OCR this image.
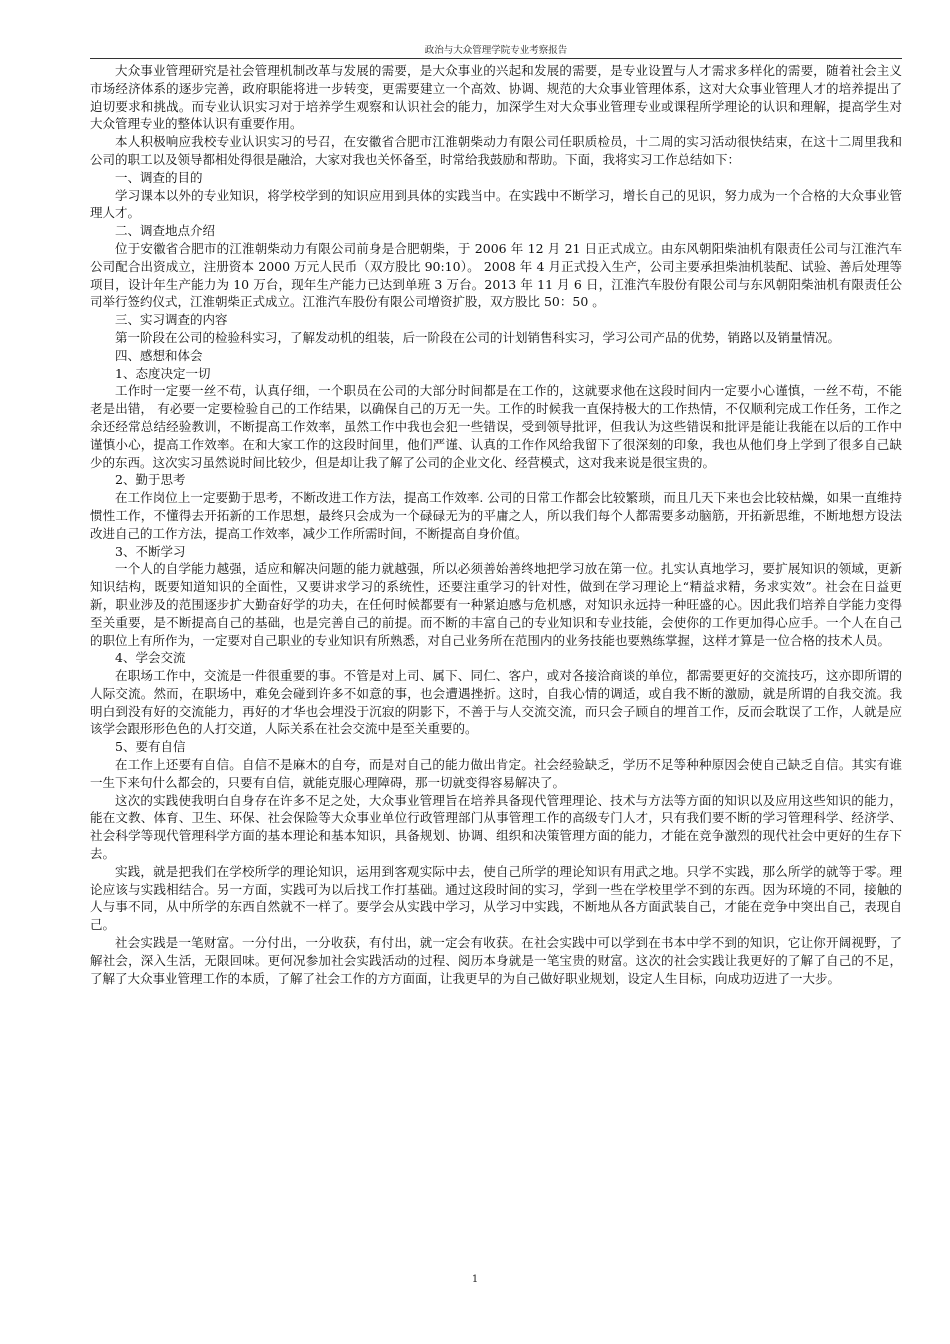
政治与大众管理学院专业考察报告

大众事业管理研究是社会管理机制改革与发展的需要，是大众事业的兴起和发展的需要，是专业设置与人才需求多样化的需要，随着社会主义市场经济体系的逐步完善，政府职能将进一步转变，更需要建立一个高效、协调、规范的大众事业管理体系，这对大众事业管理人才的培养提出了迫切要求和挑战。而专业认识实习对于培养学生观察和认识社会的能力，加深学生对大众事业管理专业或课程所学理论的认识和理解，提高学生对大众管理专业的整体认识有重要作用。

本人积极响应我校专业认识实习的号召，在安徽省合肥市江淮朝柴动力有限公司任职质检员，十二周的实习活动很快结束，在这十二周里我和公司的职工以及领导都相处得很是融洽，大家对我也关怀备至，时常给我鼓励和帮助。下面，我将实习工作总结如下：

一、调查的目的

学习课本以外的专业知识，将学校学到的知识应用到具体的实践当中。在实践中不断学习，增长自己的见识，努力成为一个合格的大众事业管理人才。

二、调查地点介绍

位于安徽省合肥市的江淮朝柴动力有限公司前身是合肥朝柴，于 2006 年 12 月 21 日正式成立。由东风朝阳柴油机有限责任公司与江淮汽车公司配合出资成立，注册资本 2000 万元人民币（双方股比 90:10）。 2008 年 4 月正式投入生产，公司主要承担柴油机装配、试验、善后处理等项目，设计年生产能力为 10 万台，现年生产能力已达到单班 3 万台。2013 年 11 月 6 日，江淮汽车股份有限公司与东风朝阳柴油机有限责任公司举行签约仪式，江淮朝柴正式成立。江淮汽车股份有限公司增资扩股，双方股比 50：50 。

三、实习调查的内容

第一阶段在公司的检验科实习，了解发动机的组装，后一阶段在公司的计划销售科实习，学习公司产品的优势，销路以及销量情况。

四、感想和体会

1、态度决定一切

工作时一定要一丝不苟，认真仔细，一个职员在公司的大部分时间都是在工作的，这就要求他在这段时间内一定要小心谨慎，一丝不苟，不能老是出错， 有必要一定要检验自己的工作结果，以确保自己的万无一失。工作的时候我一直保持极大的工作热情，不仅顺利完成工作任务，工作之余还经常总结经验教训，不断提高工作效率，虽然工作中我也会犯一些错误，受到领导批评，但我认为这些错误和批评是能让我能在以后的工作中谨慎小心，提高工作效率。在和大家工作的这段时间里，他们严谨、认真的工作作风给我留下了很深刻的印象，我也从他们身上学到了很多自己缺少的东西。这次实习虽然说时间比较少，但是却让我了解了公司的企业文化、经营模式，这对我来说是很宝贵的。

2、勤于思考

在工作岗位上一定要勤于思考，不断改进工作方法，提高工作效率. 公司的日常工作都会比较繁琐，而且几天下来也会比较枯燥，如果一直维持惯性工作，不懂得去开拓新的工作思想，最终只会成为一个碌碌无为的平庸之人，所以我们每个人都需要多动脑筋，开拓新思维，不断地想方设法改进自己的工作方法，提高工作效率，减少工作所需时间，不断提高自身价值。

3、不断学习

一个人的自学能力越强，适应和解决问题的能力就越强，所以必须善始善终地把学习放在第一位。扎实认真地学习，要扩展知识的领域，更新知识结构，既要知道知识的全面性，又要讲求学习的系统性，还要注重学习的针对性，做到在学习理论上“精益求精，务求实效”。社会在日益更新，职业涉及的范围逐步扩大勤奋好学的功夫，在任何时候都要有一种紧迫感与危机感，对知识永远持一种旺盛的心。因此我们培养自学能力变得至关重要，是不断提高自己的基础，也是完善自己的前提。而不断的丰富自己的专业知识和专业技能，会使你的工作更加得心应手。一个人在自己的职位上有所作为，一定要对自己职业的专业知识有所熟悉，对自己业务所在范围内的业务技能也要熟练掌握，这样才算是一位合格的技术人员。

4、学会交流

在职场工作中，交流是一件很重要的事。不管是对上司、属下、同仁、客户，或对各接洽商谈的单位，都需要更好的交流技巧，这亦即所谓的人际交流。然而，在职场中，难免会碰到许多不如意的事，也会遭遇挫折。这时，自我心情的调适，或自我不断的激励，就是所谓的自我交流。我明白到没有好的交流能力，再好的才华也会埋没于沉寂的阴影下，不善于与人交流交流，而只会子顾自的埋首工作，反而会耽误了工作，人就是应该学会跟形形色色的人打交道，人际关系在社会交流中是至关重要的。

5、要有自信

在工作上还要有自信。自信不是麻木的自夸，而是对自己的能力做出肯定。社会经验缺乏，学历不足等种种原因会使自己缺乏自信。其实有谁一生下来句什么都会的，只要有自信，就能克服心理障碍，那一切就变得容易解决了。

这次的实践使我明白自身存在许多不足之处，大众事业管理旨在培养具备现代管理理论、技术与方法等方面的知识以及应用这些知识的能力，能在文教、体育、卫生、环保、社会保险等大众事业单位行政管理部门从事管理工作的高级专门人才，只有我们要不断的学习管理科学、经济学、社会科学等现代管理科学方面的基本理论和基本知识，具备规划、协调、组织和决策管理方面的能力，才能在竞争激烈的现代社会中更好的生存下去。

实践，就是把我们在学校所学的理论知识，运用到客观实际中去，使自己所学的理论知识有用武之地。只学不实践，那么所学的就等于零。理论应该与实践相结合。另一方面，实践可为以后找工作打基础。通过这段时间的实习，学到一些在学校里学不到的东西。因为环境的不同，接触的人与事不同，从中所学的东西自然就不一样了。要学会从实践中学习，从学习中实践，不断地从各方面武装自己，才能在竞争中突出自己，表现自己。

社会实践是一笔财富。一分付出，一分收获，有付出，就一定会有收获。在社会实践中可以学到在书本中学不到的知识，它让你开阔视野，了解社会，深入生活，无限回味。更何况参加社会实践活动的过程、阅历本身就是一笔宝贵的财富。这次的社会实践让我更好的了解了自己的不足，了解了大众事业管理工作的本质，了解了社会工作的方方面面，让我更早的为自己做好职业规划，设定人生目标，向成功迈进了一大步。

1
